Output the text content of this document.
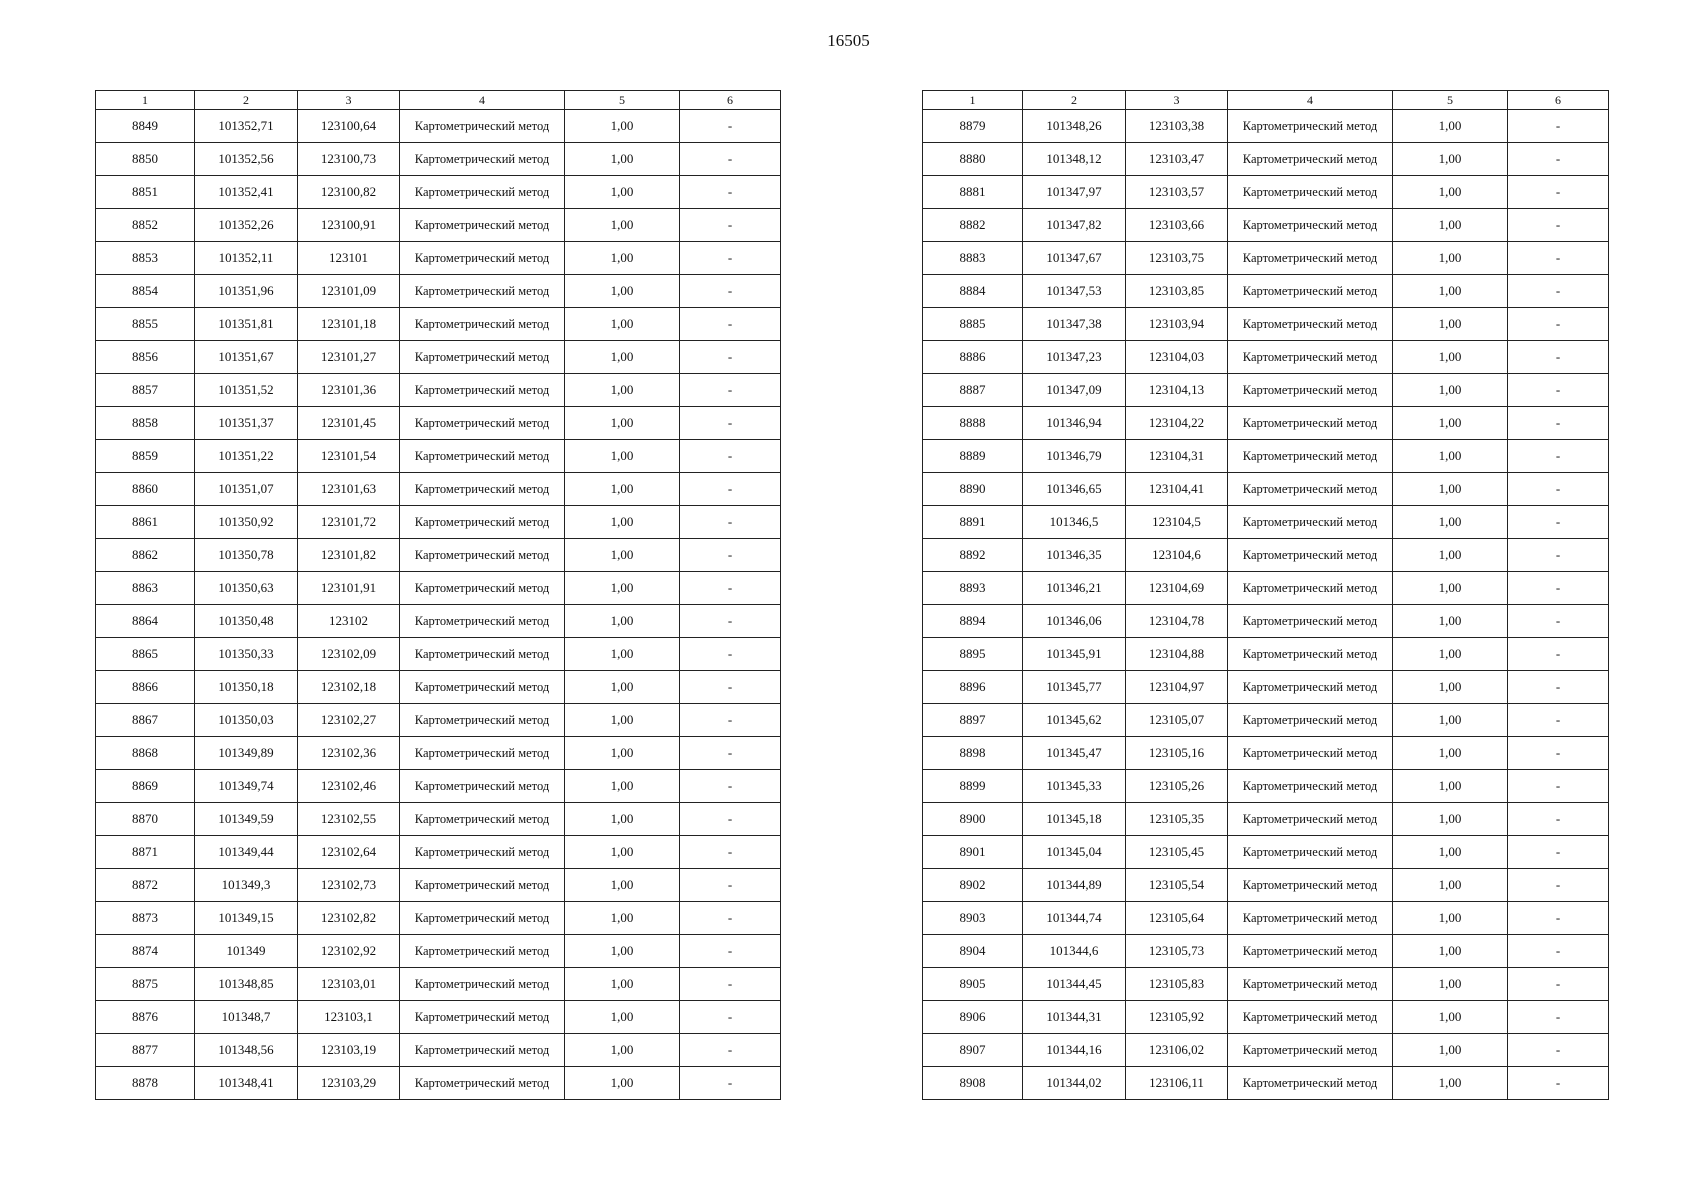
16505
1	2	3	4	5	6
8849	101352,71	123100,64	Картометрический метод	1,00	-
8850	101352,56	123100,73	Картометрический метод	1,00	-
8851	101352,41	123100,82	Картометрический метод	1,00	-
8852	101352,26	123100,91	Картометрический метод	1,00	-
8853	101352,11	123101	Картометрический метод	1,00	-
8854	101351,96	123101,09	Картометрический метод	1,00	-
8855	101351,81	123101,18	Картометрический метод	1,00	-
8856	101351,67	123101,27	Картометрический метод	1,00	-
8857	101351,52	123101,36	Картометрический метод	1,00	-
8858	101351,37	123101,45	Картометрический метод	1,00	-
8859	101351,22	123101,54	Картометрический метод	1,00	-
8860	101351,07	123101,63	Картометрический метод	1,00	-
8861	101350,92	123101,72	Картометрический метод	1,00	-
8862	101350,78	123101,82	Картометрический метод	1,00	-
8863	101350,63	123101,91	Картометрический метод	1,00	-
8864	101350,48	123102	Картометрический метод	1,00	-
8865	101350,33	123102,09	Картометрический метод	1,00	-
8866	101350,18	123102,18	Картометрический метод	1,00	-
8867	101350,03	123102,27	Картометрический метод	1,00	-
8868	101349,89	123102,36	Картометрический метод	1,00	-
8869	101349,74	123102,46	Картометрический метод	1,00	-
8870	101349,59	123102,55	Картометрический метод	1,00	-
8871	101349,44	123102,64	Картометрический метод	1,00	-
8872	101349,3	123102,73	Картометрический метод	1,00	-
8873	101349,15	123102,82	Картометрический метод	1,00	-
8874	101349	123102,92	Картометрический метод	1,00	-
8875	101348,85	123103,01	Картометрический метод	1,00	-
8876	101348,7	123103,1	Картометрический метод	1,00	-
8877	101348,56	123103,19	Картометрический метод	1,00	-
8878	101348,41	123103,29	Картометрический метод	1,00	-
1	2	3	4	5	6
8879	101348,26	123103,38	Картометрический метод	1,00	-
8880	101348,12	123103,47	Картометрический метод	1,00	-
8881	101347,97	123103,57	Картометрический метод	1,00	-
8882	101347,82	123103,66	Картометрический метод	1,00	-
8883	101347,67	123103,75	Картометрический метод	1,00	-
8884	101347,53	123103,85	Картометрический метод	1,00	-
8885	101347,38	123103,94	Картометрический метод	1,00	-
8886	101347,23	123104,03	Картометрический метод	1,00	-
8887	101347,09	123104,13	Картометрический метод	1,00	-
8888	101346,94	123104,22	Картометрический метод	1,00	-
8889	101346,79	123104,31	Картометрический метод	1,00	-
8890	101346,65	123104,41	Картометрический метод	1,00	-
8891	101346,5	123104,5	Картометрический метод	1,00	-
8892	101346,35	123104,6	Картометрический метод	1,00	-
8893	101346,21	123104,69	Картометрический метод	1,00	-
8894	101346,06	123104,78	Картометрический метод	1,00	-
8895	101345,91	123104,88	Картометрический метод	1,00	-
8896	101345,77	123104,97	Картометрический метод	1,00	-
8897	101345,62	123105,07	Картометрический метод	1,00	-
8898	101345,47	123105,16	Картометрический метод	1,00	-
8899	101345,33	123105,26	Картометрический метод	1,00	-
8900	101345,18	123105,35	Картометрический метод	1,00	-
8901	101345,04	123105,45	Картометрический метод	1,00	-
8902	101344,89	123105,54	Картометрический метод	1,00	-
8903	101344,74	123105,64	Картометрический метод	1,00	-
8904	101344,6	123105,73	Картометрический метод	1,00	-
8905	101344,45	123105,83	Картометрический метод	1,00	-
8906	101344,31	123105,92	Картометрический метод	1,00	-
8907	101344,16	123106,02	Картометрический метод	1,00	-
8908	101344,02	123106,11	Картометрический метод	1,00	-
